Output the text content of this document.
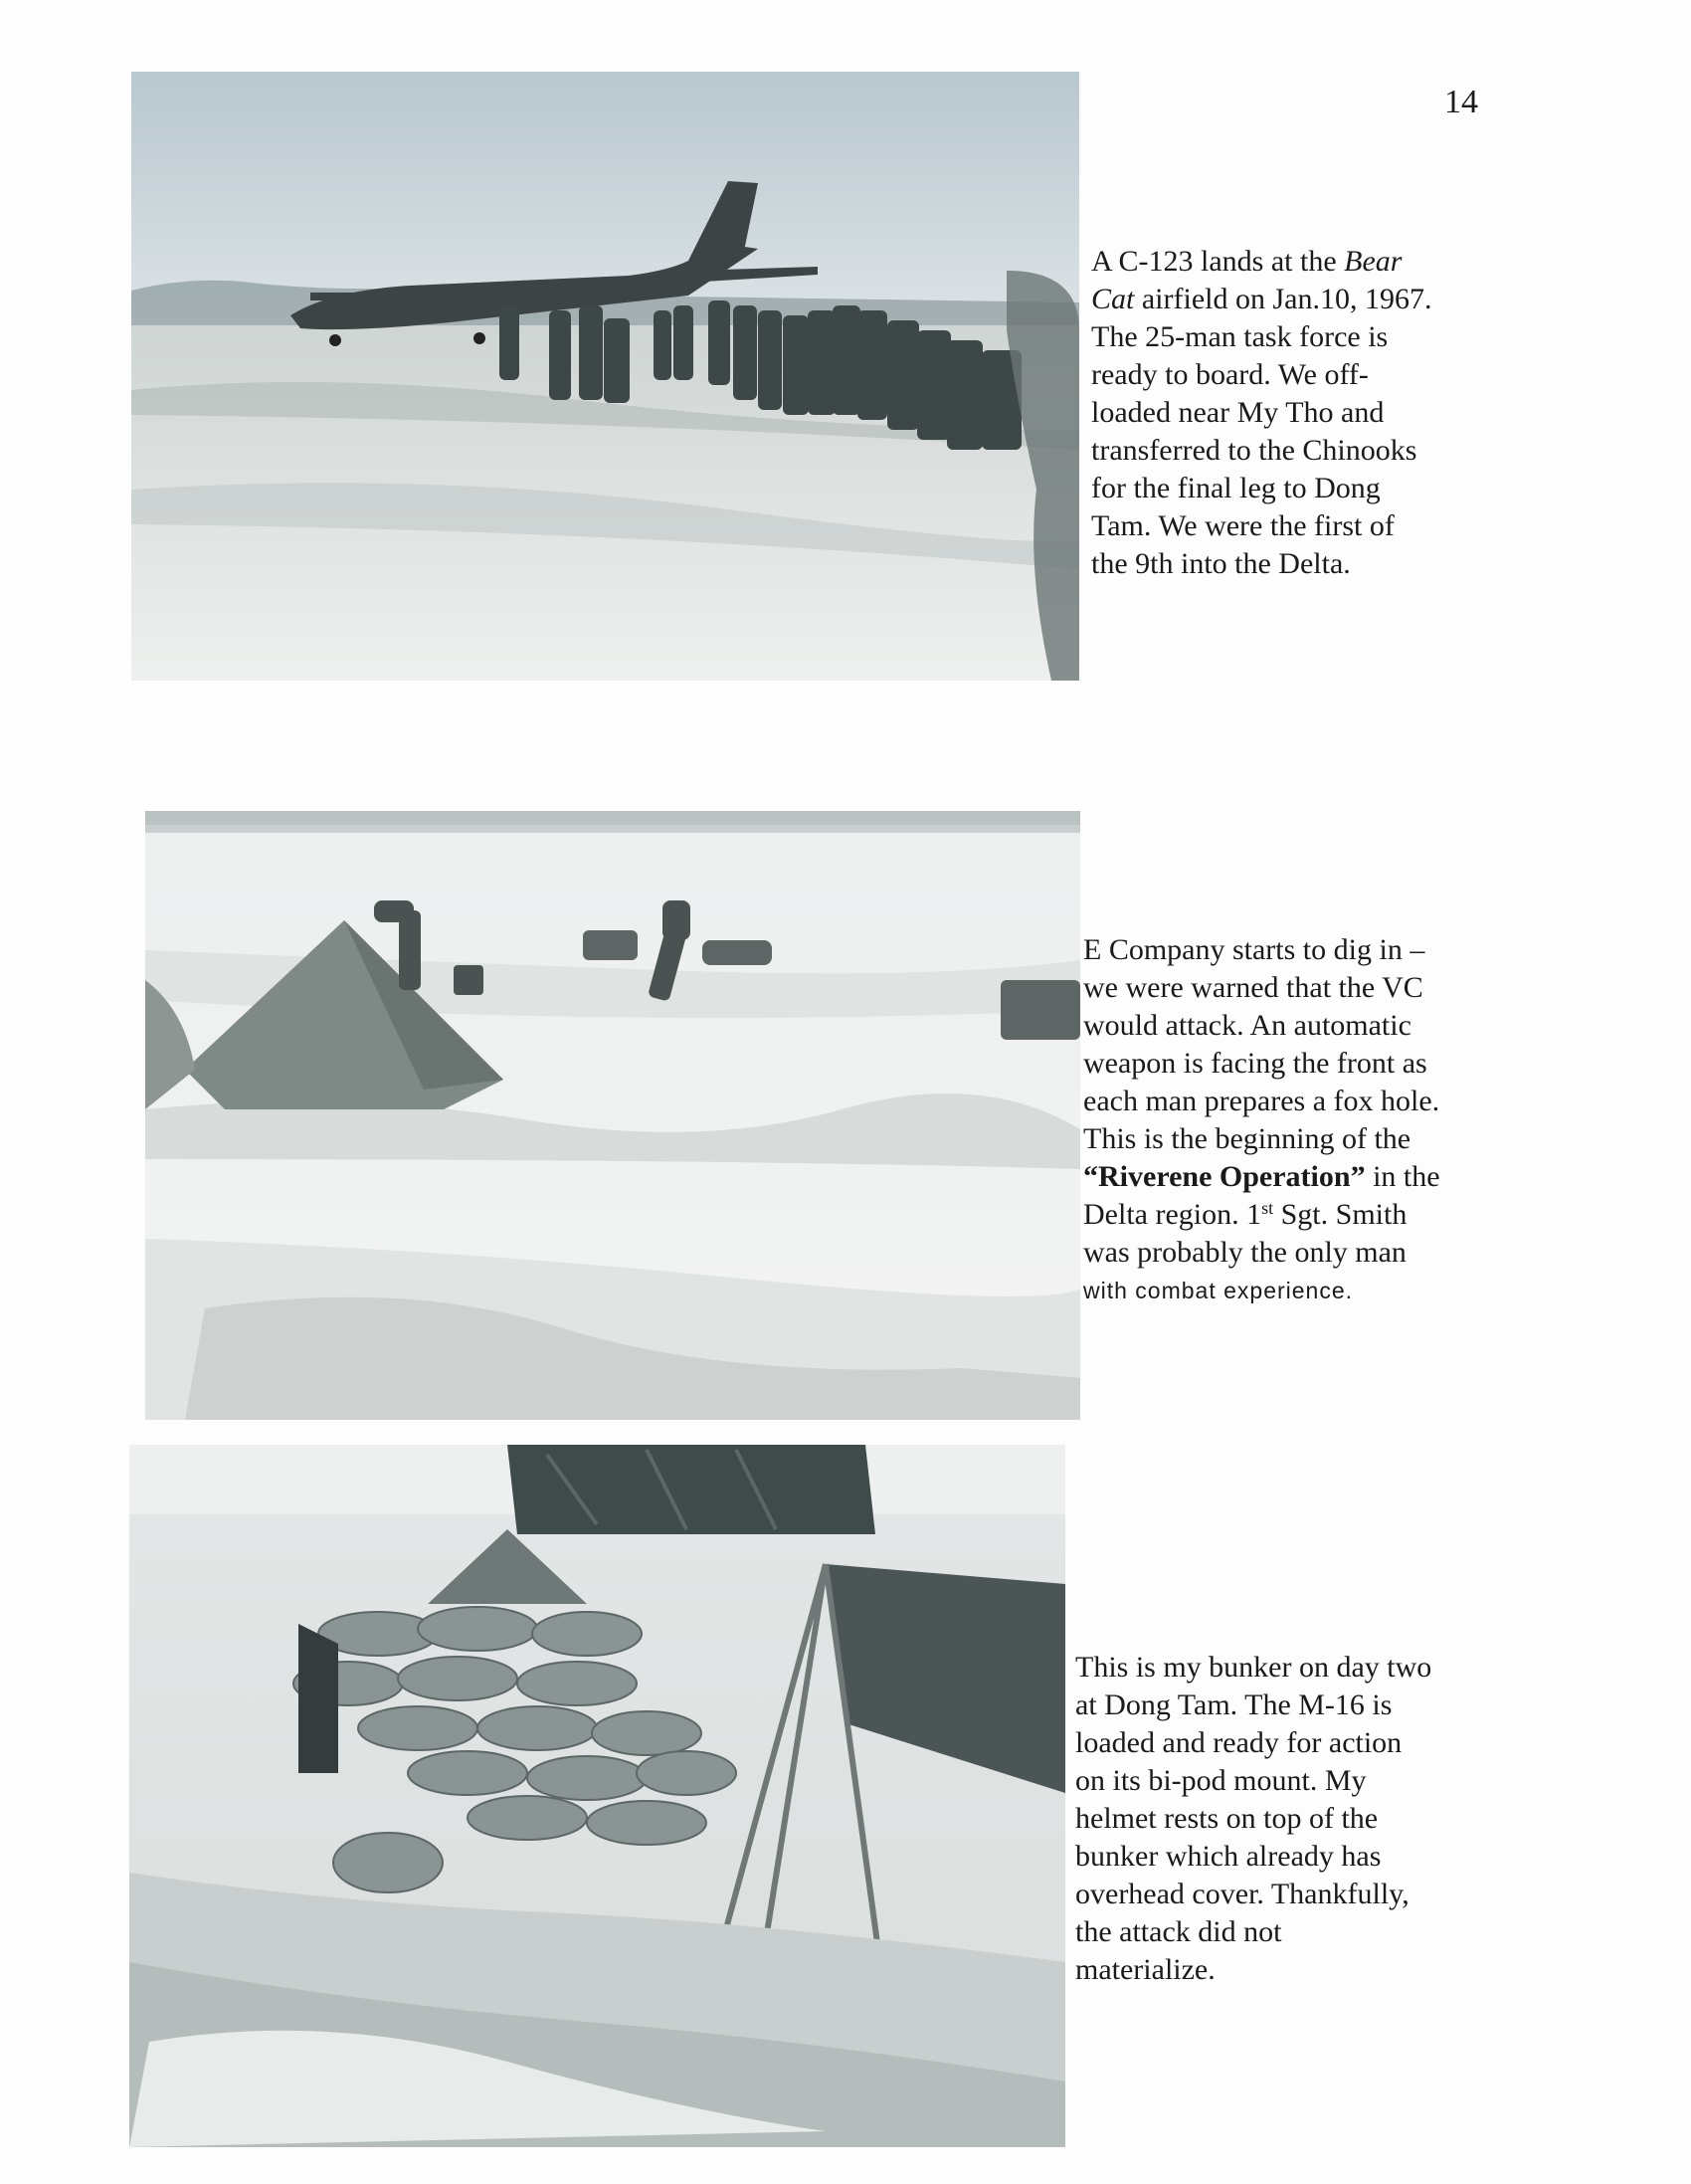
14
A C-123 lands at the Bear
Cat airfield on Jan.10, 1967.
The 25-man task force is
ready to board. We off-
loaded near My Tho and
transferred to the Chinooks
for the final leg to Dong
Tam. We were the first of
the 9th into the Delta.
E Company starts to dig in –
we were warned that the VC
would attack. An automatic
weapon is facing the front as
each man prepares a fox hole.
This is the beginning of the
“Riverene Operation” in the
Delta region. 1st Sgt. Smith
was probably the only man
with combat experience.
This is my bunker on day two
at Dong Tam. The M-16 is
loaded and ready for action
on its bi-pod mount. My
helmet rests on top of the
bunker which already has
overhead cover. Thankfully,
the attack did not
materialize.
